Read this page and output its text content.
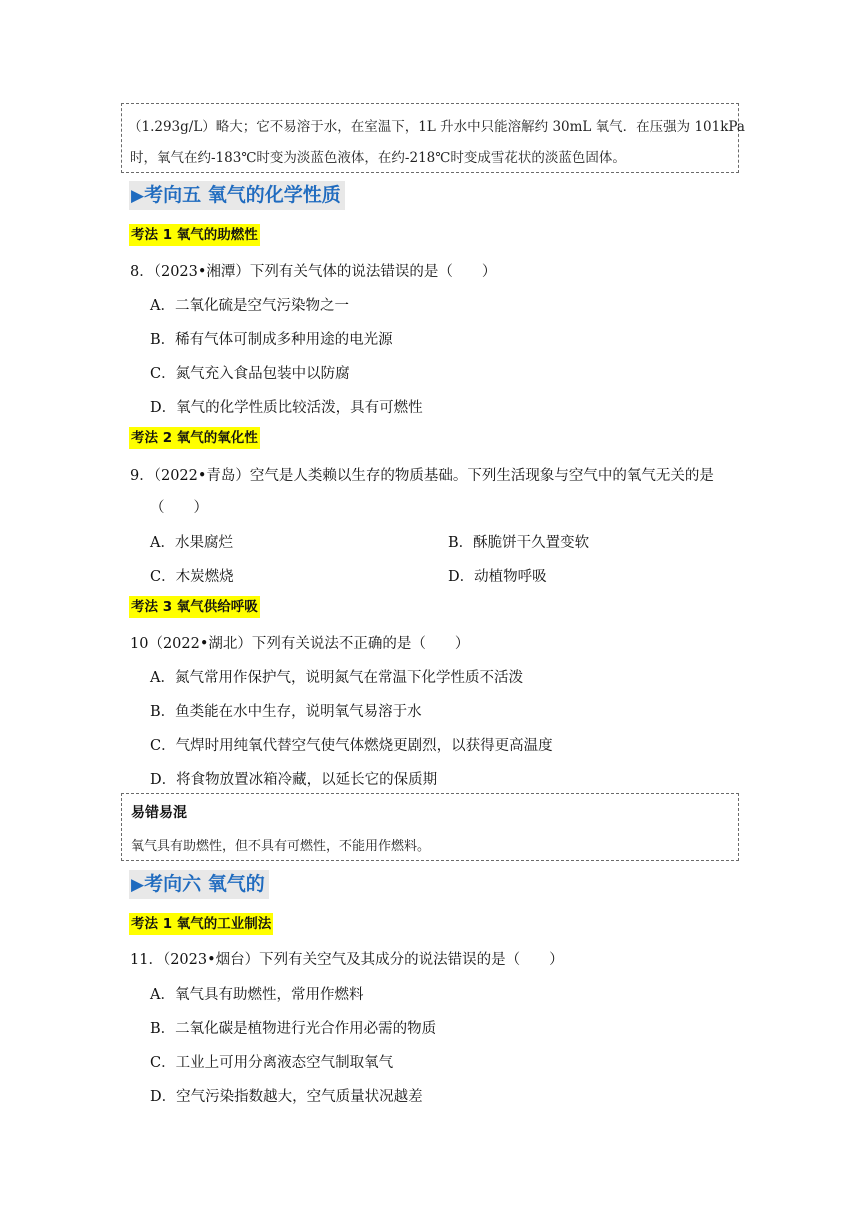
（1.293g/L）略大；它不易溶于水，在室温下，1L 升水中只能溶解约 30mL 氧气．在压强为 101kPa
时，氧气在约-183℃时变为淡蓝色液体，在约-218℃时变成雪花状的淡蓝色固体。
▶考向五 氧气的化学性质
考法 1 氧气的助燃性
8．（2023•湘潭）下列有关气体的说法错误的是（　　）
A．二氧化硫是空气污染物之一
B．稀有气体可制成多种用途的电光源
C．氮气充入食品包装中以防腐
D．氧气的化学性质比较活泼，具有可燃性
考法 2 氧气的氧化性
9．（2022•青岛）空气是人类赖以生存的物质基础。下列生活现象与空气中的氧气无关的是
（　　）
A．水果腐烂	B．酥脆饼干久置变软
C．木炭燃烧	D．动植物呼吸
考法 3 氧气供给呼吸
10（2022•湖北）下列有关说法不正确的是（　　）
A．氮气常用作保护气，说明氮气在常温下化学性质不活泼
B．鱼类能在水中生存，说明氧气易溶于水
C．气焊时用纯氧代替空气使气体燃烧更剧烈，以获得更高温度
D．将食物放置冰箱冷藏，以延长它的保质期
易错易混
氧气具有助燃性，但不具有可燃性，不能用作燃料。
▶考向六 氧气的
考法 1 氧气的工业制法
11．（2023•烟台）下列有关空气及其成分的说法错误的是（　　）
A．氧气具有助燃性，常用作燃料
B．二氧化碳是植物进行光合作用必需的物质
C．工业上可用分离液态空气制取氧气
D．空气污染指数越大，空气质量状况越差
